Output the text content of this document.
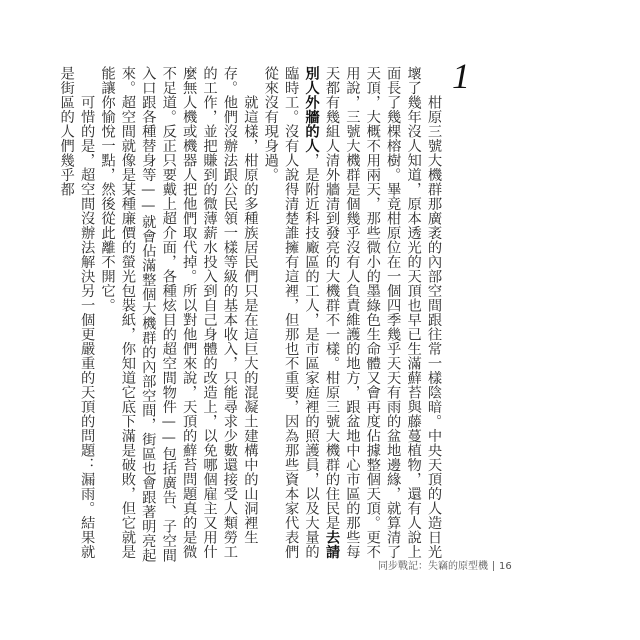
1

柑原三號大機群那廣袤的內部空間跟往常一樣陰暗。中央天頂的人造日光壞了幾年沒人知道，原本透光的天頂也早已生滿蘚苔與藤蔓植物，還有人說上面長了幾棵榕樹。畢竟柑原位在一個四季幾乎天天有雨的盆地邊緣，就算清了天頂，大概不用兩天，那些微小的墨綠色生命體又會再度佔據整個天頂。更不用說，三號大機群是個幾乎沒有人負責維護的地方，跟盆地中心市區的那些每天都有幾組人清外牆清到發亮的大機群不一樣。柑原三號大機群的住民是去請別人外牆的人，是附近科技廠區的工人，是市區家庭裡的照護員，以及大量的臨時工。沒有人說得清楚誰擁有這裡，但那也不重要，因為那些資本家代表們從來沒有現身過。

就這樣，柑原的多種族居民們只是在這巨大的混凝土建構中的山洞裡生存。他們沒辦法跟公民領一樣等級的基本收入，只能尋求少數還接受人類勞工的工作，並把賺到的微薄薪水投入到自己身體的改造上，以免哪個雇主又用什麼無人機或機器人把他們取代掉。所以對他們來說，天頂的蘚苔問題真的是微不足道。反正只要戴上超介面，各種炫目的超空間物件——包括廣告、子空間入口跟各種替身等——就會佔滿整個大機群的內部空間，街區也會跟著明亮起來。超空間就像是某種廉價的螢光包裝紙，你知道它底下滿是破敗，但它就是能讓你愉悅一點，然後從此離不開它。

可惜的是，超空間沒辦法解決另一個更嚴重的天頂的問題：漏雨。結果就是街區的人們幾乎都

同步戰記：失竊的原型機 16
